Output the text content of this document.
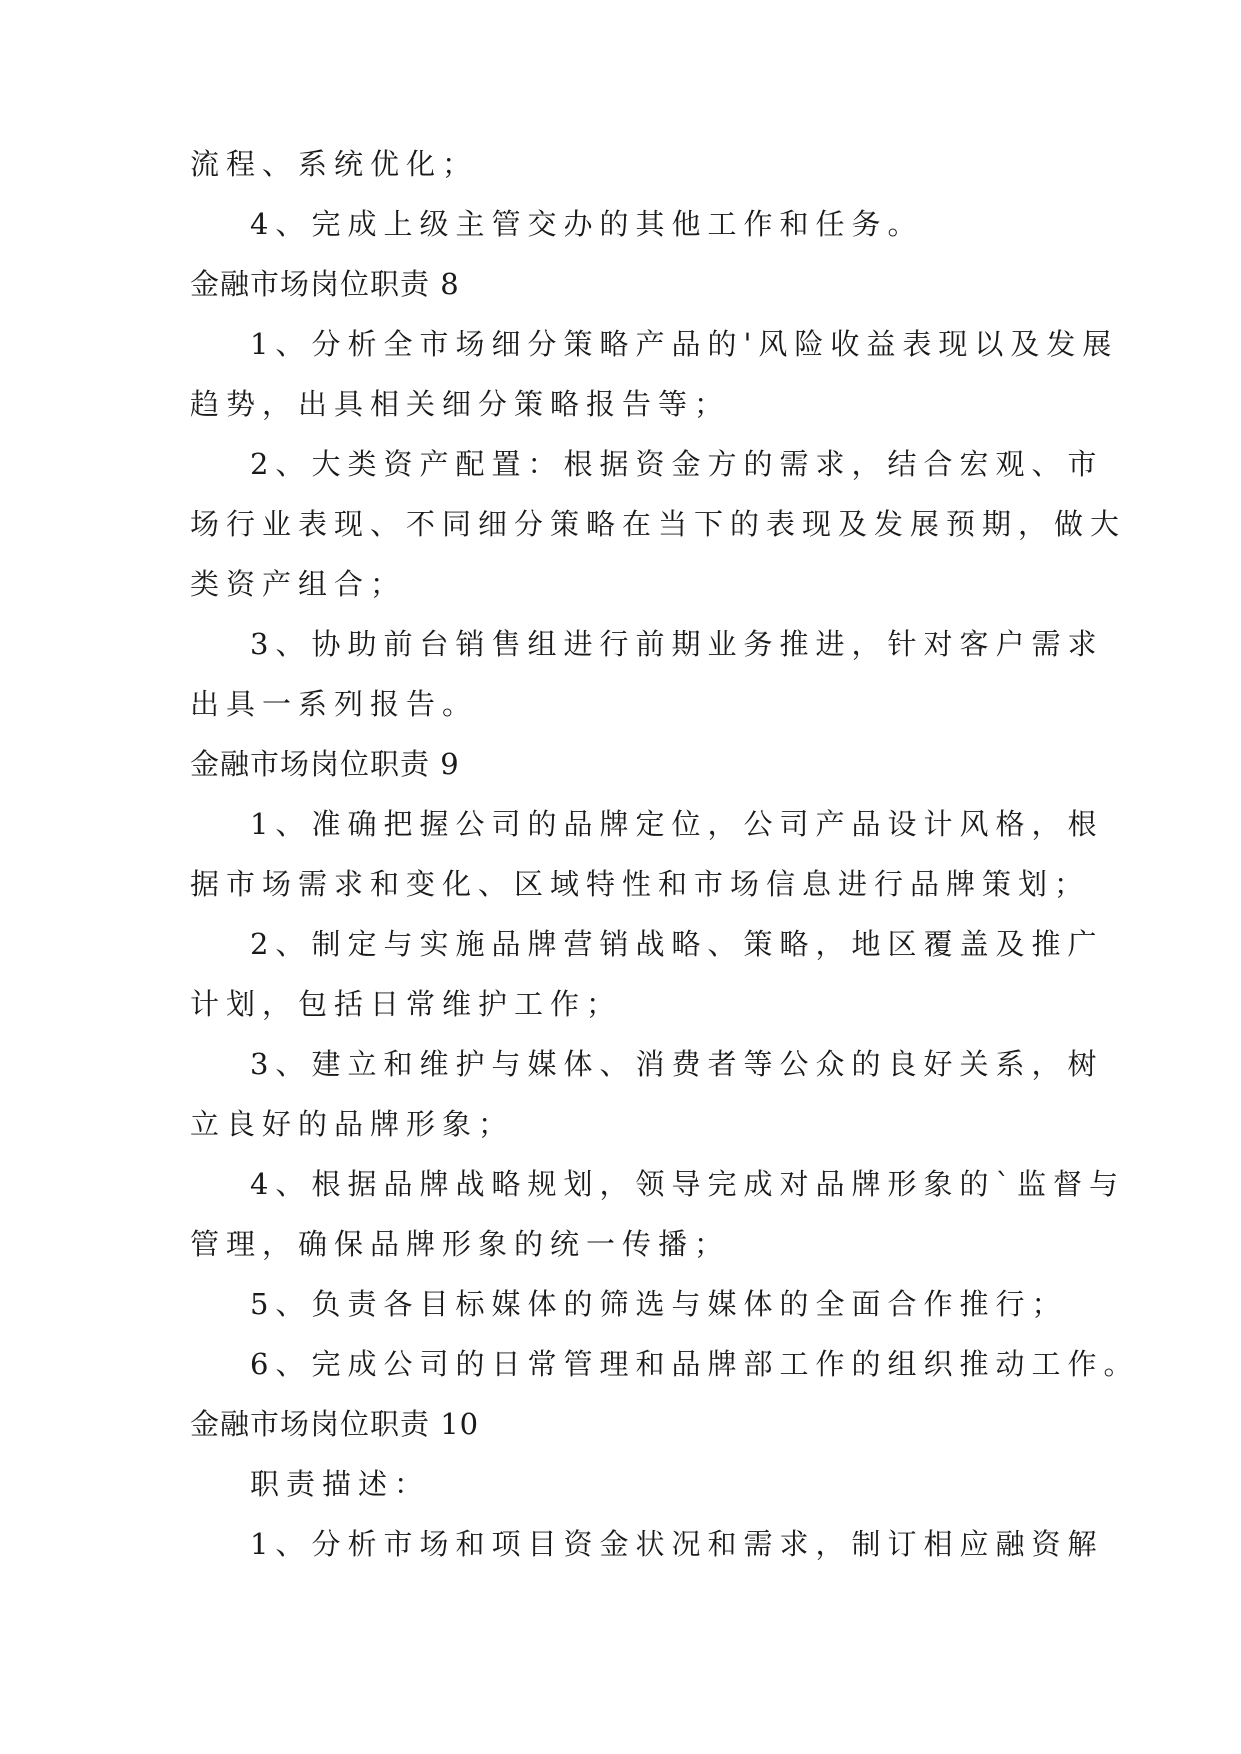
流程、系统优化；
4、完成上级主管交办的其他工作和任务。
金融市场岗位职责 8
1、分析全市场细分策略产品的'风险收益表现以及发展
趋势，出具相关细分策略报告等；
2、大类资产配置：根据资金方的需求，结合宏观、市
场行业表现、不同细分策略在当下的表现及发展预期，做大
类资产组合；
3、协助前台销售组进行前期业务推进，针对客户需求
出具一系列报告。
金融市场岗位职责 9
1、准确把握公司的品牌定位，公司产品设计风格，根
据市场需求和变化、区域特性和市场信息进行品牌策划；
2、制定与实施品牌营销战略、策略，地区覆盖及推广
计划，包括日常维护工作；
3、建立和维护与媒体、消费者等公众的良好关系，树
立良好的品牌形象；
4、根据品牌战略规划，领导完成对品牌形象的`监督与
管理，确保品牌形象的统一传播；
5、负责各目标媒体的筛选与媒体的全面合作推行；
6、完成公司的日常管理和品牌部工作的组织推动工作。
金融市场岗位职责 10
职责描述：
1、分析市场和项目资金状况和需求，制订相应融资解
